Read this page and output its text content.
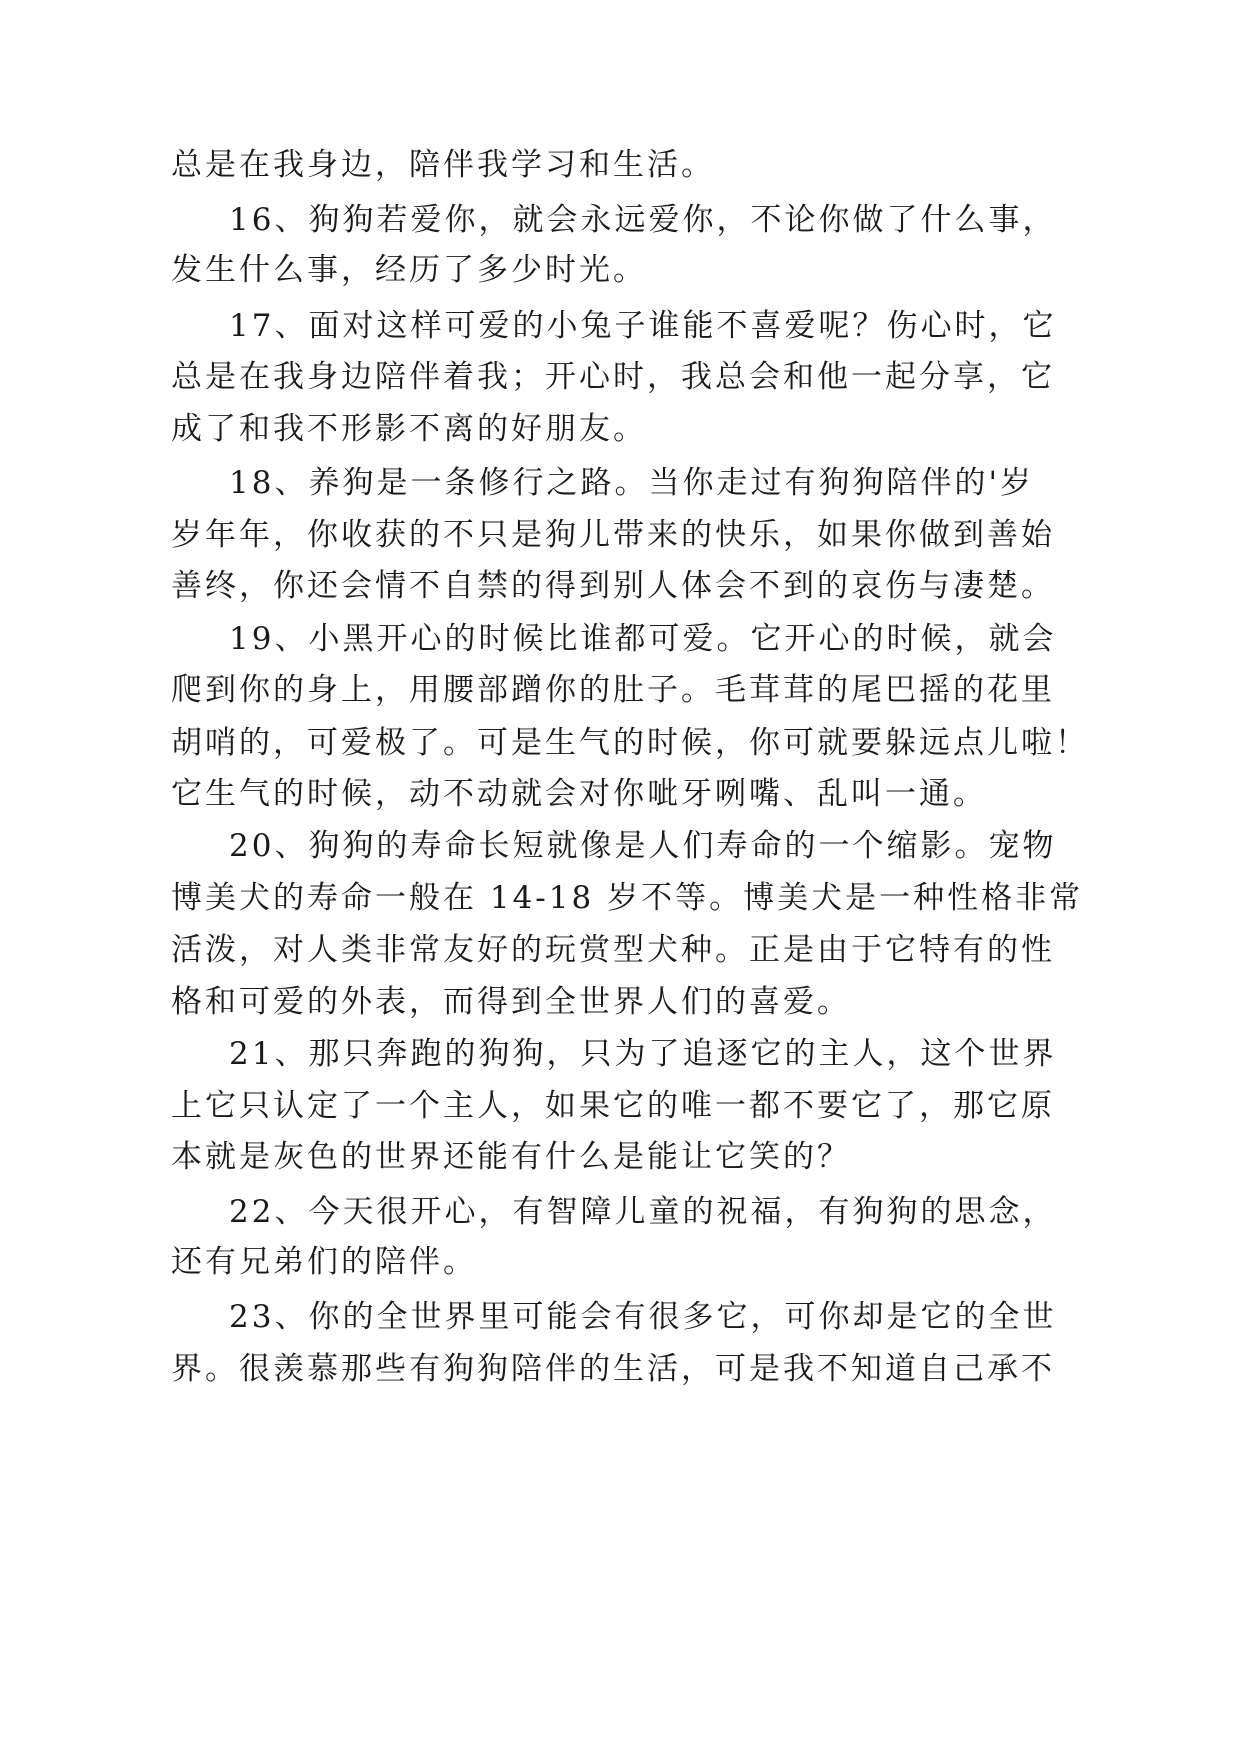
总是在我身边，陪伴我学习和生活。
16、狗狗若爱你，就会永远爱你，不论你做了什么事，
发生什么事，经历了多少时光。
17、面对这样可爱的小兔子谁能不喜爱呢？伤心时，它
总是在我身边陪伴着我；开心时，我总会和他一起分享，它
成了和我不形影不离的好朋友。
18、养狗是一条修行之路。当你走过有狗狗陪伴的'岁
岁年年，你收获的不只是狗儿带来的快乐，如果你做到善始
善终，你还会情不自禁的得到别人体会不到的哀伤与凄楚。
19、小黑开心的时候比谁都可爱。它开心的时候，就会
爬到你的身上，用腰部蹭你的肚子。毛茸茸的尾巴摇的花里
胡哨的，可爱极了。可是生气的时候，你可就要躲远点儿啦！
它生气的时候，动不动就会对你呲牙咧嘴、乱叫一通。
20、狗狗的寿命长短就像是人们寿命的一个缩影。宠物
博美犬的寿命一般在 14-18 岁不等。博美犬是一种性格非常
活泼，对人类非常友好的玩赏型犬种。正是由于它特有的性
格和可爱的外表，而得到全世界人们的喜爱。
21、那只奔跑的狗狗，只为了追逐它的主人，这个世界
上它只认定了一个主人，如果它的唯一都不要它了，那它原
本就是灰色的世界还能有什么是能让它笑的？
22、今天很开心，有智障儿童的祝福，有狗狗的思念，
还有兄弟们的陪伴。
23、你的全世界里可能会有很多它，可你却是它的全世
界。很羡慕那些有狗狗陪伴的生活，可是我不知道自己承不
